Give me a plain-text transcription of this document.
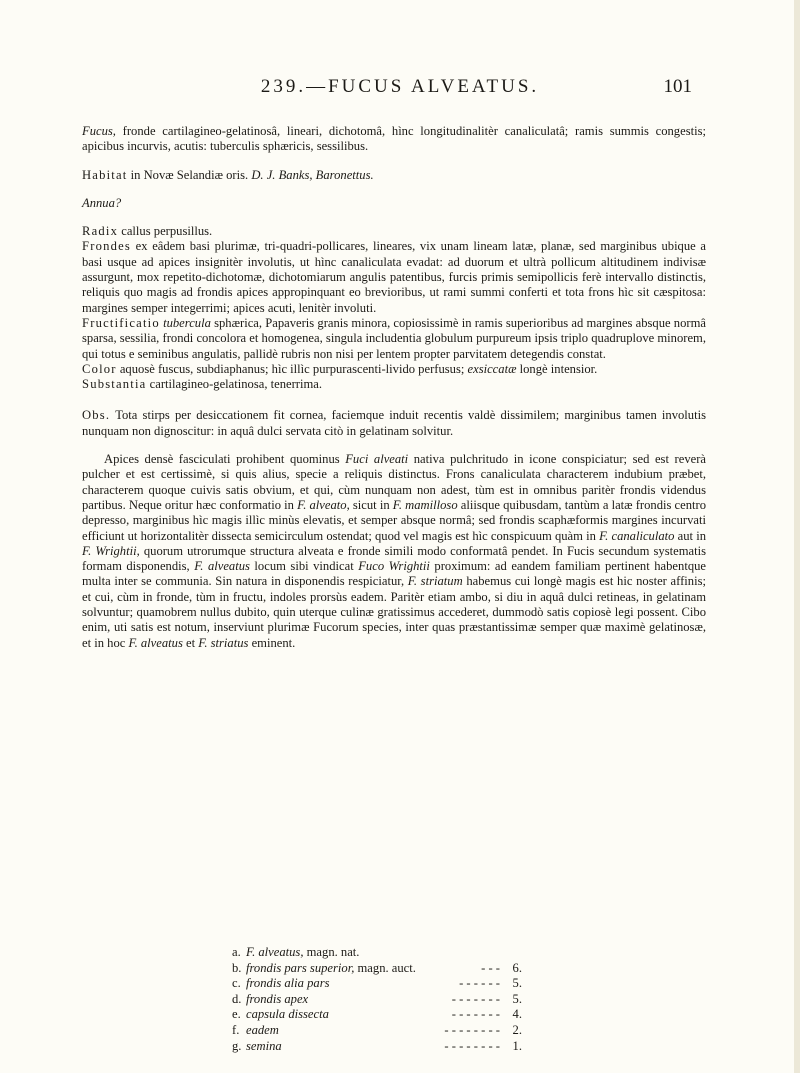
239.—FUCUS ALVEATUS.	101

Fucus, fronde cartilagineo-gelatinosâ, lineari, dichotomâ, hìnc longitudinalitèr canaliculatâ; ramis summis congestis; apicibus incurvis, acutis: tuberculis sphæricis, sessilibus.

Habitat in Novæ Selandiæ oris. D. J. Banks, Baronettus.

Annua?

Radix callus perpusillus.

Frondes ex eâdem basi plurimæ, tri-quadri-pollicares, lineares, vix unam lineam latæ, planæ, sed marginibus ubique a basi usque ad apices insignitèr involutis, ut hìnc canaliculata evadat: ad duorum et ultrà pollicum altitudinem indivisæ assurgunt, mox repetito-dichotomæ, dichotomiarum angulis patentibus, furcis primis semipollicis ferè intervallo distinctis, reliquis quo magis ad frondis apices appropinquant eo brevioribus, ut rami summi conferti et tota frons hìc sit cæspitosa: margines semper integerrimi; apices acuti, lenitèr involuti.

Fructificatio tubercula sphærica, Papaveris granis minora, copiosissimè in ramis superioribus ad margines absque normâ sparsa, sessilia, frondi concolora et homogenea, singula includentia globulum purpureum ipsis triplo quadruplove minorem, qui totus e seminibus angulatis, pallidè rubris non nisi per lentem propter parvitatem detegendis constat.

Color aquosè fuscus, subdiaphanus; hìc illìc purpurascenti-livido perfusus; exsiccatæ longè intensior.

Substantia cartilagineo-gelatinosa, tenerrima.

Obs. Tota stirps per desiccationem fit cornea, faciemque induit recentis valdè dissimilem; marginibus tamen involutis nunquam non dignoscitur: in aquâ dulci servata citò in gelatinam solvitur.

Apices densè fasciculati prohibent quominus Fuci alveati nativa pulchritudo in icone conspiciatur; sed est reverà pulcher et est certissimè, si quis alius, specie a reliquis distinctus. Frons canaliculata characterem indubium præbet, characterem quoque cuivis satis obvium, et qui, cùm nunquam non adest, tùm est in omnibus paritèr frondis videndus partibus. Neque oritur hæc conformatio in F. alveato, sicut in F. mamilloso aliisque quibusdam, tantùm a latæ frondis centro depresso, marginibus hìc magis illìc minùs elevatis, et semper absque normâ; sed frondis scaphæformis margines incurvati efficiunt ut horizontalitèr dissecta semicirculum ostendat; quod vel magis est hìc conspicuum quàm in F. canaliculato aut in F. Wrightii, quorum utrorumque structura alveata e fronde simili modo conformatâ pendet. In Fucis secundum systematis formam disponendis, F. alveatus locum sibi vindicat Fuco Wrightii proximum: ad eandem familiam pertinent habentque multa inter se communia. Sin natura in disponendis respiciatur, F. striatum habemus cui longè magis est hic noster affinis; et cui, cùm in fronde, tùm in fructu, indoles prorsùs eadem. Paritèr etiam ambo, si diu in aquâ dulci retineas, in gelatinam solvuntur; quamobrem nullus dubito, quin uterque culinæ gratissimus accederet, dummodò satis copiosè legi possent. Cibo enim, uti satis est notum, inserviunt plurimæ Fucorum species, inter quas præstantissimæ semper quæ maximè gelatinosæ, et in hoc F. alveatus et F. striatus eminent.

a. F. alveatus, magn. nat.
b. frondis pars superior, magn. auct.	- - - 6.
c. frondis alia pars	- - - - - - 5.
d. frondis apex	- - - - - - - 5.
e. capsula dissecta	- - - - - - - 4.
f. eadem	- - - - - - - - 2.
g. semina	- - - - - - - - 1.
